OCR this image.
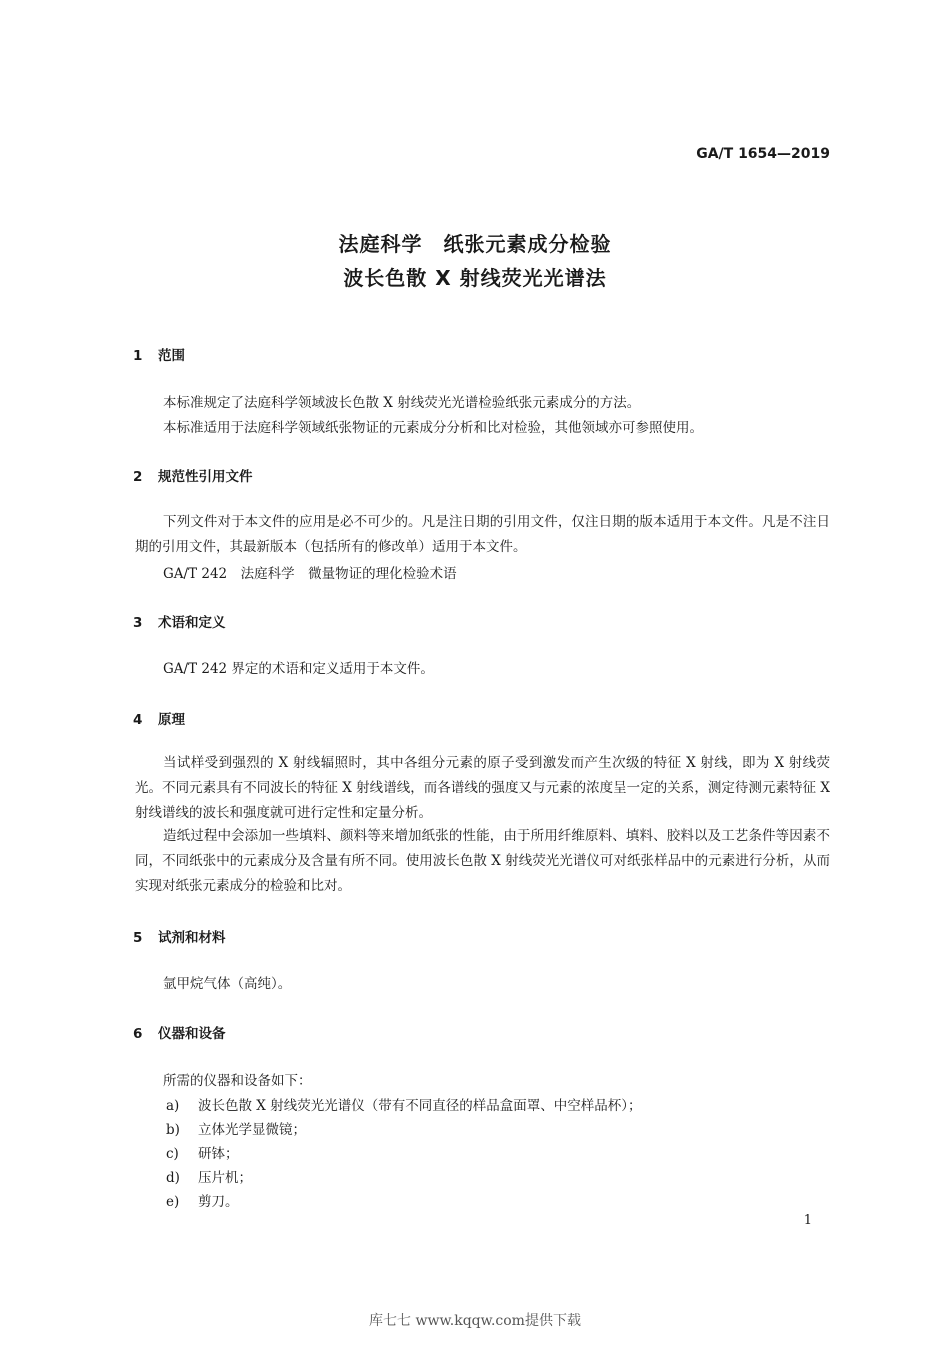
GA/T 1654—2019
法庭科学　纸张元素成分检验
波长色散 X 射线荧光光谱法
1 范围
本标准规定了法庭科学领域波长色散 X 射线荧光光谱检验纸张元素成分的方法。
本标准适用于法庭科学领域纸张物证的元素成分分析和比对检验，其他领域亦可参照使用。
2 规范性引用文件

下列文件对于本文件的应用是必不可少的。凡是注日期的引用文件，仅注日期的版本适用于本文件。凡是不注日期的引用文件，其最新版本（包括所有的修改单）适用于本文件。

GA/T 242　法庭科学　微量物证的理化检验术语
3 术语和定义
GA/T 242 界定的术语和定义适用于本文件。
4 原理

当试样受到强烈的 X 射线辐照时，其中各组分元素的原子受到激发而产生次级的特征 X 射线，即为 X 射线荧光。不同元素具有不同波长的特征 X 射线谱线，而各谱线的强度又与元素的浓度呈一定的关系，测定待测元素特征 X 射线谱线的波长和强度就可进行定性和定量分析。

造纸过程中会添加一些填料、颜料等来增加纸张的性能，由于所用纤维原料、填料、胶料以及工艺条件等因素不同，不同纸张中的元素成分及含量有所不同。使用波长色散 X 射线荧光光谱仪可对纸张样品中的元素进行分析，从而实现对纸张元素成分的检验和比对。

5 试剂和材料
氩甲烷气体（高纯）。
6 仪器和设备
所需的仪器和设备如下：
a) 波长色散 X 射线荧光光谱仪（带有不同直径的样品盒面罩、中空样品杯）；
b) 立体光学显微镜；
c) 研钵；
d) 压片机；
e) 剪刀。
1
库七七 www.kqqw.com提供下载
